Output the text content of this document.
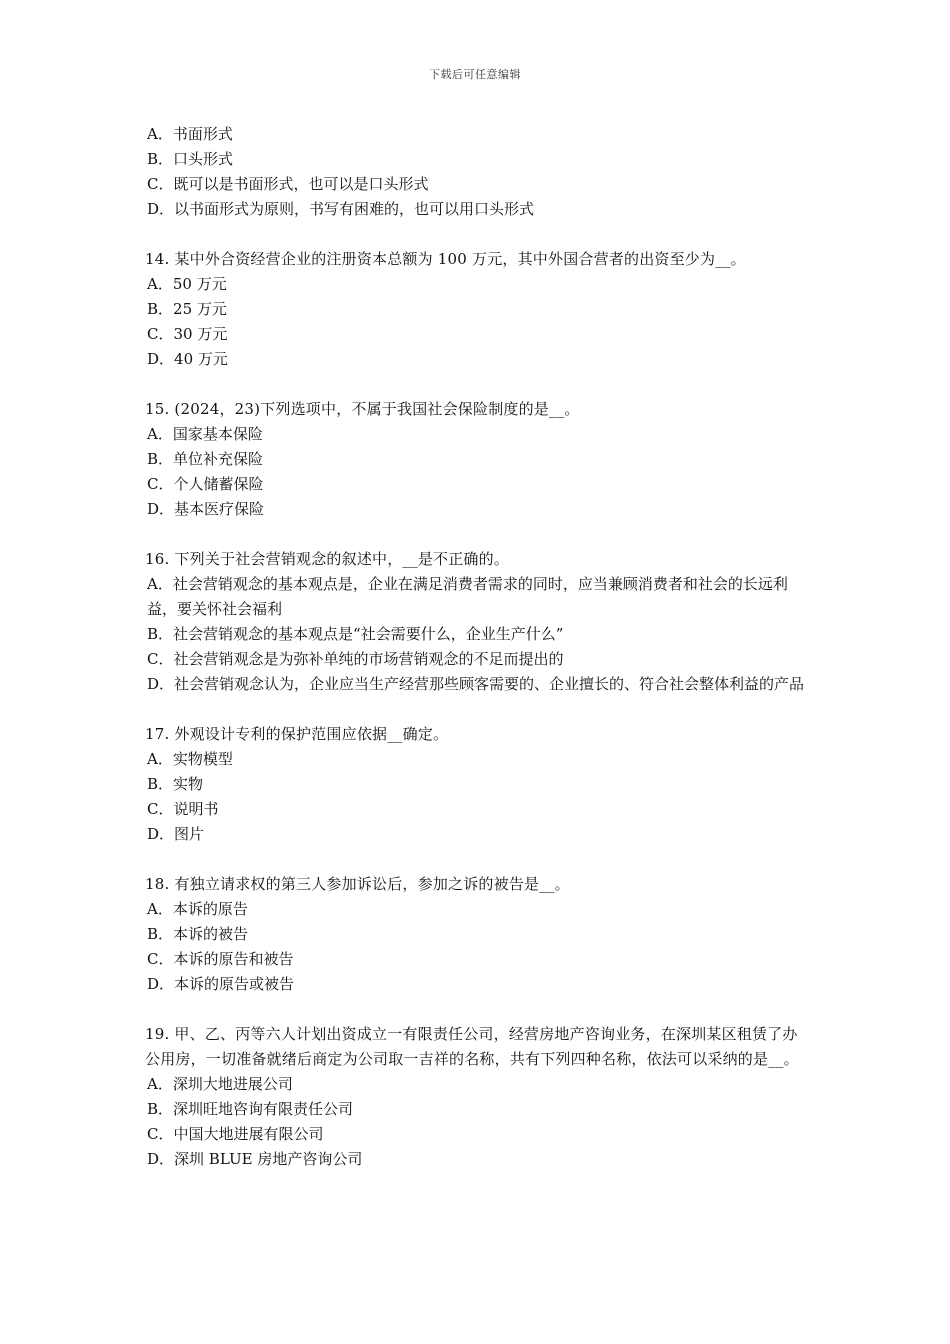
下载后可任意编辑
A．书面形式
B．口头形式
C．既可以是书面形式，也可以是口头形式
D．以书面形式为原则，书写有困难的，也可以用口头形式
14. 某中外合资经营企业的注册资本总额为 100 万元，其中外国合营者的出资至少为__。
A．50 万元
B．25 万元
C．30 万元
D．40 万元
15. (2024，23)下列选项中，不属于我国社会保险制度的是__。
A．国家基本保险
B．单位补充保险
C．个人储蓄保险
D．基本医疗保险
16. 下列关于社会营销观念的叙述中，__是不正确的。
A．社会营销观念的基本观点是，企业在满足消费者需求的同时，应当兼顾消费者和社会的长远利益，要关怀社会福利
B．社会营销观念的基本观点是“社会需要什么，企业生产什么”
C．社会营销观念是为弥补单纯的市场营销观念的不足而提出的
D．社会营销观念认为，企业应当生产经营那些顾客需要的、企业擅长的、符合社会整体利益的产品
17. 外观设计专利的保护范围应依据__确定。
A．实物模型
B．实物
C．说明书
D．图片
18. 有独立请求权的第三人参加诉讼后，参加之诉的被告是__。
A．本诉的原告
B．本诉的被告
C．本诉的原告和被告
D．本诉的原告或被告
19. 甲、乙、丙等六人计划出资成立一有限责任公司，经营房地产咨询业务，在深圳某区租赁了办公用房，一切准备就绪后商定为公司取一吉祥的名称，共有下列四种名称，依法可以采纳的是__。
A．深圳大地进展公司
B．深圳旺地咨询有限责任公司
C．中国大地进展有限公司
D．深圳 BLUE 房地产咨询公司
